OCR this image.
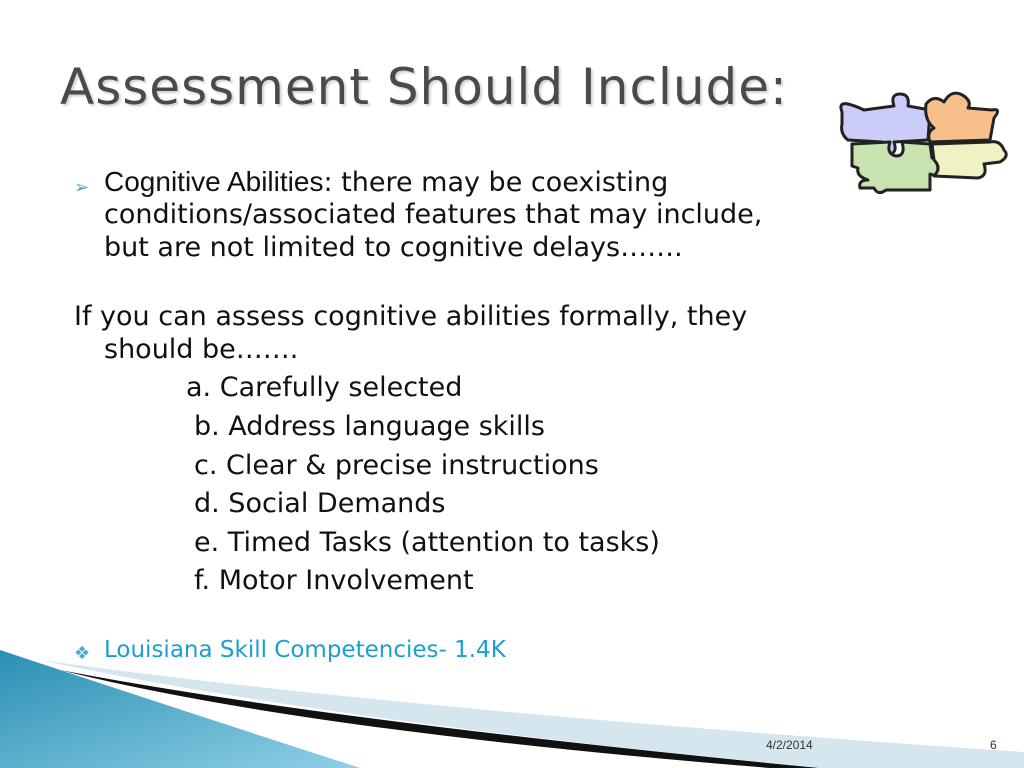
Assessment Should Include:
➢ Cognitive Abilities: there may be coexisting
conditions/associated features that may include,
but are not limited to cognitive delays…….
If you can assess cognitive abilities formally, they
should be…….
a. Carefully selected
b. Address language skills
c. Clear & precise instructions
d. Social Demands
e. Timed Tasks (attention to tasks)
f. Motor Involvement
❖ Louisiana Skill Competencies- 1.4K
4/2/2014	6
